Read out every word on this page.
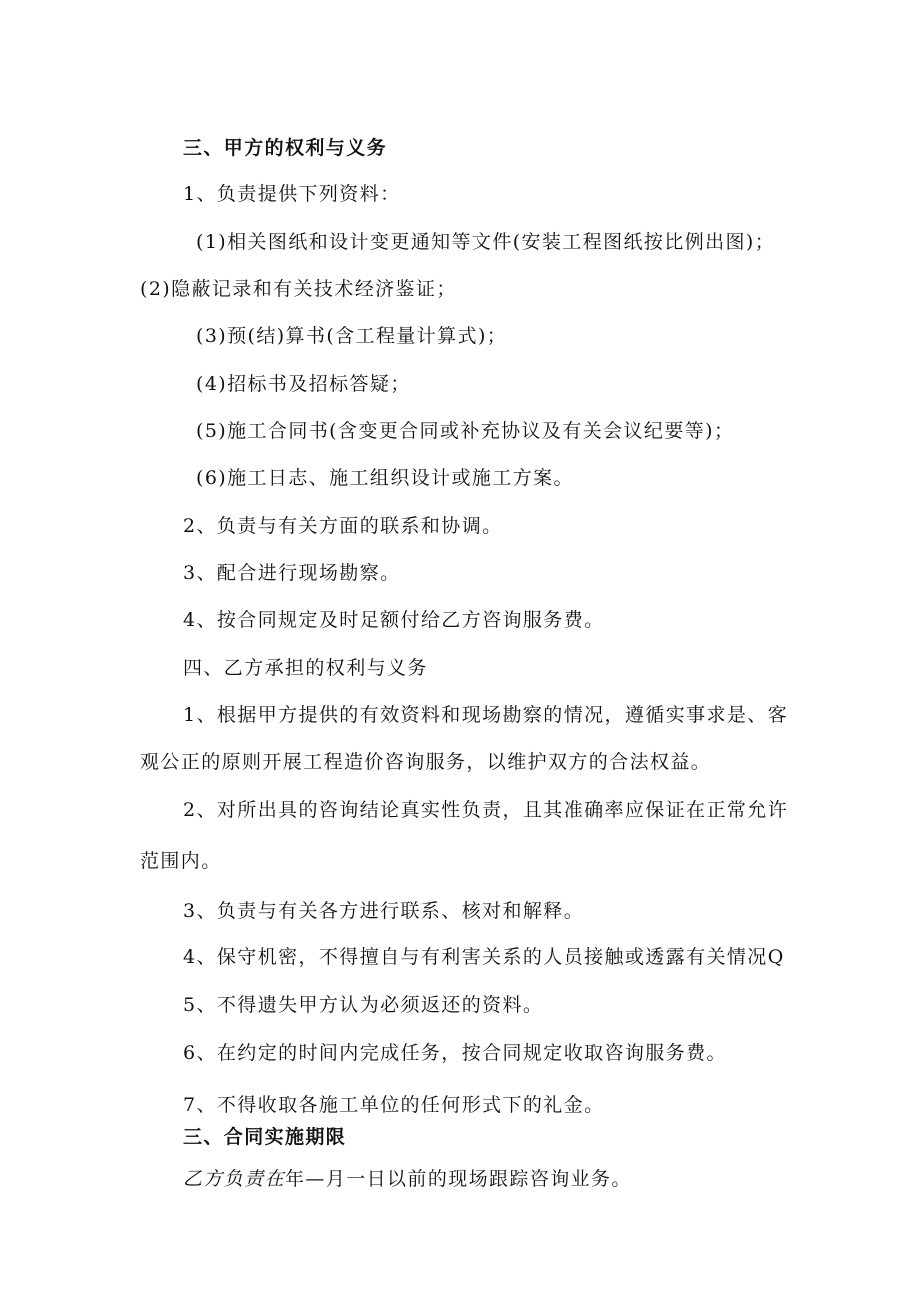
三、甲方的权利与义务
1、负责提供下列资料：
(1)相关图纸和设计变更通知等文件(安装工程图纸按比例出图)；
(2)隐蔽记录和有关技术经济鉴证；
(3)预(结)算书(含工程量计算式)；
(4)招标书及招标答疑；
(5)施工合同书(含变更合同或补充协议及有关会议纪要等)；
(6)施工日志、施工组织设计或施工方案。
2、负责与有关方面的联系和协调。
3、配合进行现场勘察。
4、按合同规定及时足额付给乙方咨询服务费。
四、乙方承担的权利与义务
1、根据甲方提供的有效资料和现场勘察的情况，遵循实事求是、客
观公正的原则开展工程造价咨询服务，以维护双方的合法权益。
2、对所出具的咨询结论真实性负责，且其准确率应保证在正常允许
范围内。
3、负责与有关各方进行联系、核对和解释。
4、保守机密，不得擅自与有利害关系的人员接触或透露有关情况Q
5、不得遗失甲方认为必须返还的资料。
6、在约定的时间内完成任务，按合同规定收取咨询服务费。
7、不得收取各施工单位的任何形式下的礼金。
三、合同实施期限
乙方负责在年—月一日以前的现场跟踪咨询业务。
